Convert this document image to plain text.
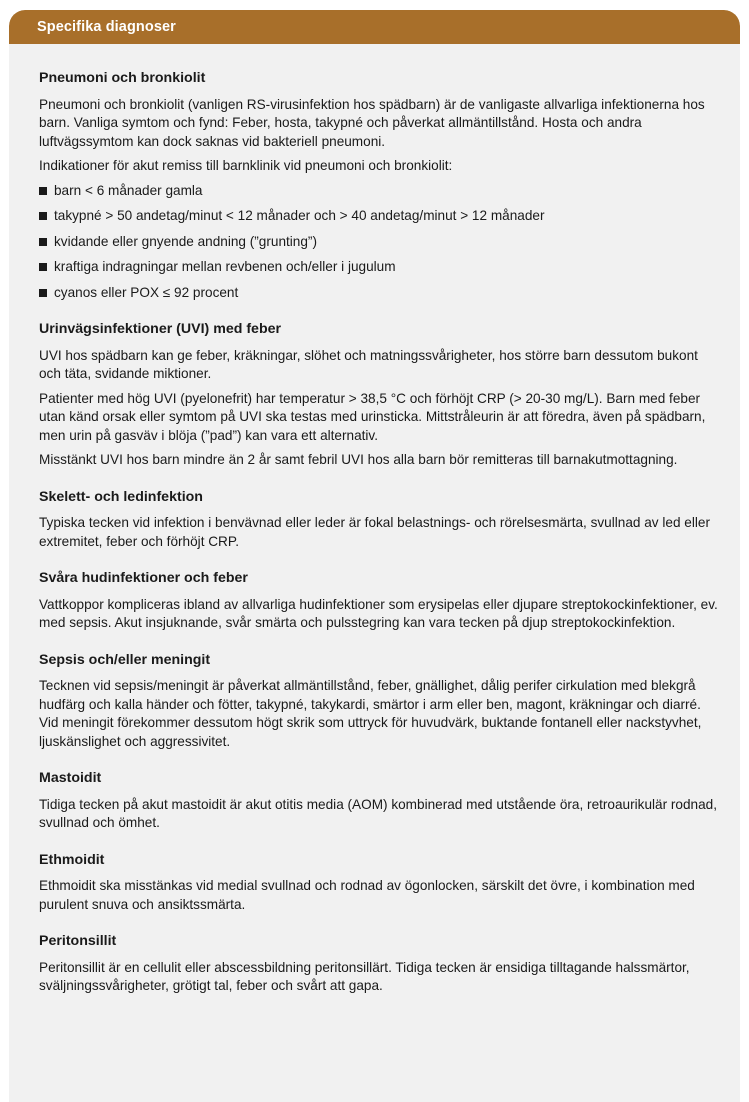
Specifika diagnoser
Pneumoni och bronkiolit

Pneumoni och bronkiolit (vanligen RS-virusinfektion hos spädbarn) är de vanligaste allvarliga infektionerna hos barn. Vanliga symtom och fynd: Feber, hosta, takypné och påverkat allmäntillstånd. Hosta och andra luftvägssymtom kan dock saknas vid bakteriell pneumoni.

Indikationer för akut remiss till barnklinik vid pneumoni och bronkiolit:

barn < 6 månader gamla
takypné > 50 andetag/minut < 12 månader och > 40 andetag/minut > 12 månader
kvidande eller gnyende andning (”grunting”)
kraftiga indragningar mellan revbenen och/eller i jugulum
cyanos eller POX ≤ 92 procent
Urinvägsinfektioner (UVI) med feber

UVI hos spädbarn kan ge feber, kräkningar, slöhet och matningssvårigheter, hos större barn dessutom bukont och täta, svidande miktioner.

Patienter med hög UVI (pyelonefrit) har temperatur > 38,5 °C och förhöjt CRP (> 20-30 mg/L). Barn med feber utan känd orsak eller symtom på UVI ska testas med urinsticka. Mittstråleurin är att föredra, även på spädbarn, men urin på gasväv i blöja (”pad”) kan vara ett alternativ.

Misstänkt UVI hos barn mindre än 2 år samt febril UVI hos alla barn bör remitteras till barnakutmottagning.

Skelett- och ledinfektion

Typiska tecken vid infektion i benvävnad eller leder är fokal belastnings- och rörelsesmärta, svullnad av led eller extremitet, feber och förhöjt CRP.

Svåra hudinfektioner och feber

Vattkoppor kompliceras ibland av allvarliga hudinfektioner som erysipelas eller djupare streptokockinfektioner, ev. med sepsis. Akut insjuknande, svår smärta och pulsstegring kan vara tecken på djup streptokockinfektion.

Sepsis och/eller meningit

Tecknen vid sepsis/meningit är påverkat allmäntillstånd, feber, gnällighet, dålig perifer cirkulation med blekgrå hudfärg och kalla händer och fötter, takypné, takykardi, smärtor i arm eller ben, magont, kräkningar och diarré. Vid meningit förekommer dessutom högt skrik som uttryck för huvudvärk, buktande fontanell eller nackstyvhet, ljuskänslighet och aggressivitet.

Mastoidit

Tidiga tecken på akut mastoidit är akut otitis media (AOM) kombinerad med utstående öra, retroaurikulär rodnad, svullnad och ömhet.

Ethmoidit

Ethmoidit ska misstänkas vid medial svullnad och rodnad av ögonlocken, särskilt det övre, i kombination med purulent snuva och ansiktssmärta.

Peritonsillit

Peritonsillit är en cellulit eller abscessbildning peritonsillärt. Tidiga tecken är ensidiga tilltagande halssmärtor, sväljningssvårigheter, grötigt tal, feber och svårt att gapa.
